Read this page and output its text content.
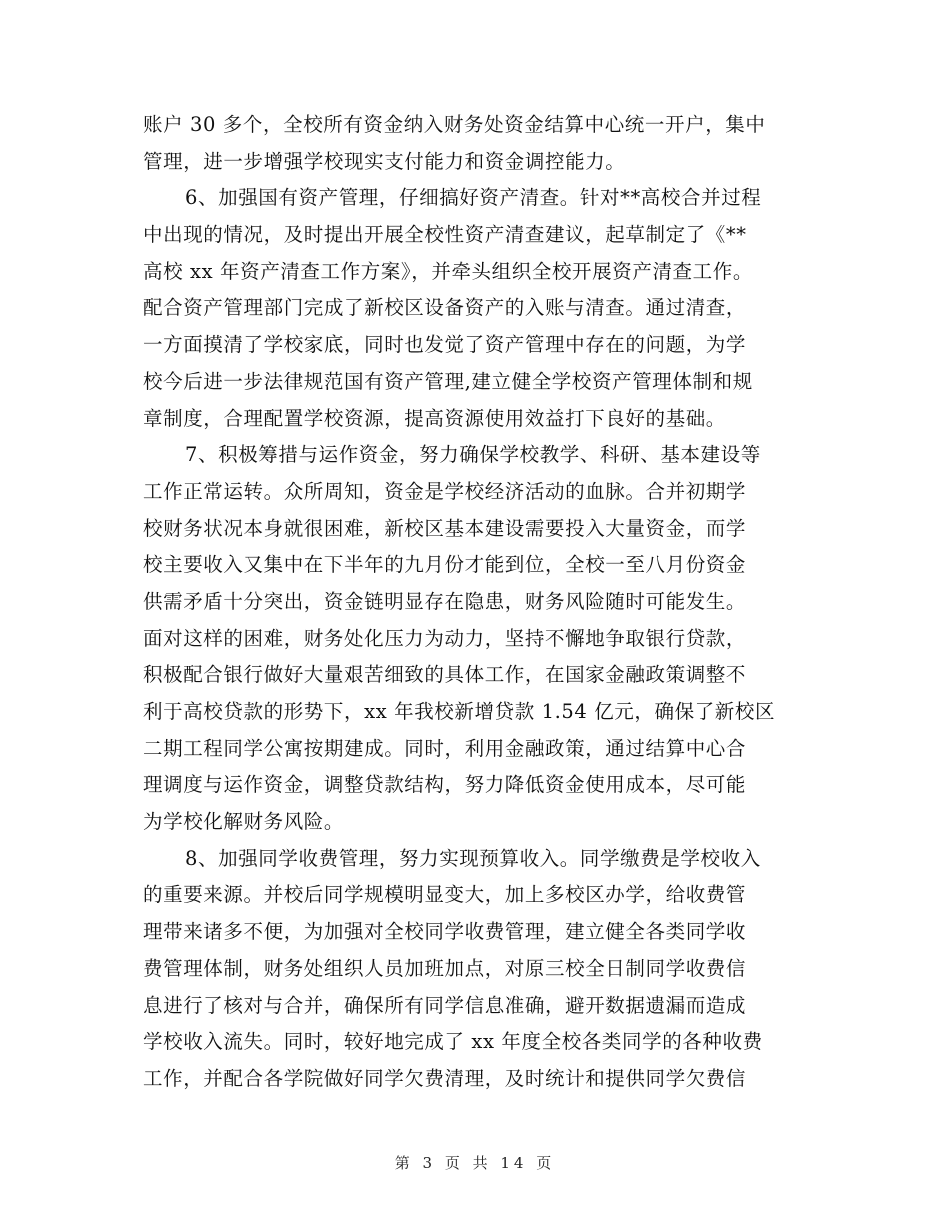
账户 30 多个，全校所有资金纳入财务处资金结算中心统一开户，集中
管理，进一步增强学校现实支付能力和资金调控能力。
6、加强国有资产管理，仔细搞好资产清查。针对**高校合并过程
中出现的情况，及时提出开展全校性资产清查建议，起草制定了《**
高校 xx 年资产清查工作方案》，并牵头组织全校开展资产清查工作。
配合资产管理部门完成了新校区设备资产的入账与清查。通过清查，
一方面摸清了学校家底，同时也发觉了资产管理中存在的问题，为学
校今后进一步法律规范国有资产管理,建立健全学校资产管理体制和规
章制度，合理配置学校资源，提高资源使用效益打下良好的基础。
7、积极筹措与运作资金，努力确保学校教学、科研、基本建设等
工作正常运转。众所周知，资金是学校经济活动的血脉。合并初期学
校财务状况本身就很困难，新校区基本建设需要投入大量资金，而学
校主要收入又集中在下半年的九月份才能到位，全校一至八月份资金
供需矛盾十分突出，资金链明显存在隐患，财务风险随时可能发生。
面对这样的困难，财务处化压力为动力，坚持不懈地争取银行贷款，
积极配合银行做好大量艰苦细致的具体工作，在国家金融政策调整不
利于高校贷款的形势下，xx 年我校新增贷款 1.54 亿元，确保了新校区
二期工程同学公寓按期建成。同时，利用金融政策，通过结算中心合
理调度与运作资金，调整贷款结构，努力降低资金使用成本，尽可能
为学校化解财务风险。
8、加强同学收费管理，努力实现预算收入。同学缴费是学校收入
的重要来源。并校后同学规模明显变大，加上多校区办学，给收费管
理带来诸多不便，为加强对全校同学收费管理，建立健全各类同学收
费管理体制，财务处组织人员加班加点，对原三校全日制同学收费信
息进行了核对与合并，确保所有同学信息准确，避开数据遗漏而造成
学校收入流失。同时，较好地完成了 xx 年度全校各类同学的各种收费
工作，并配合各学院做好同学欠费清理，及时统计和提供同学欠费信
第 3 页 共 14 页
